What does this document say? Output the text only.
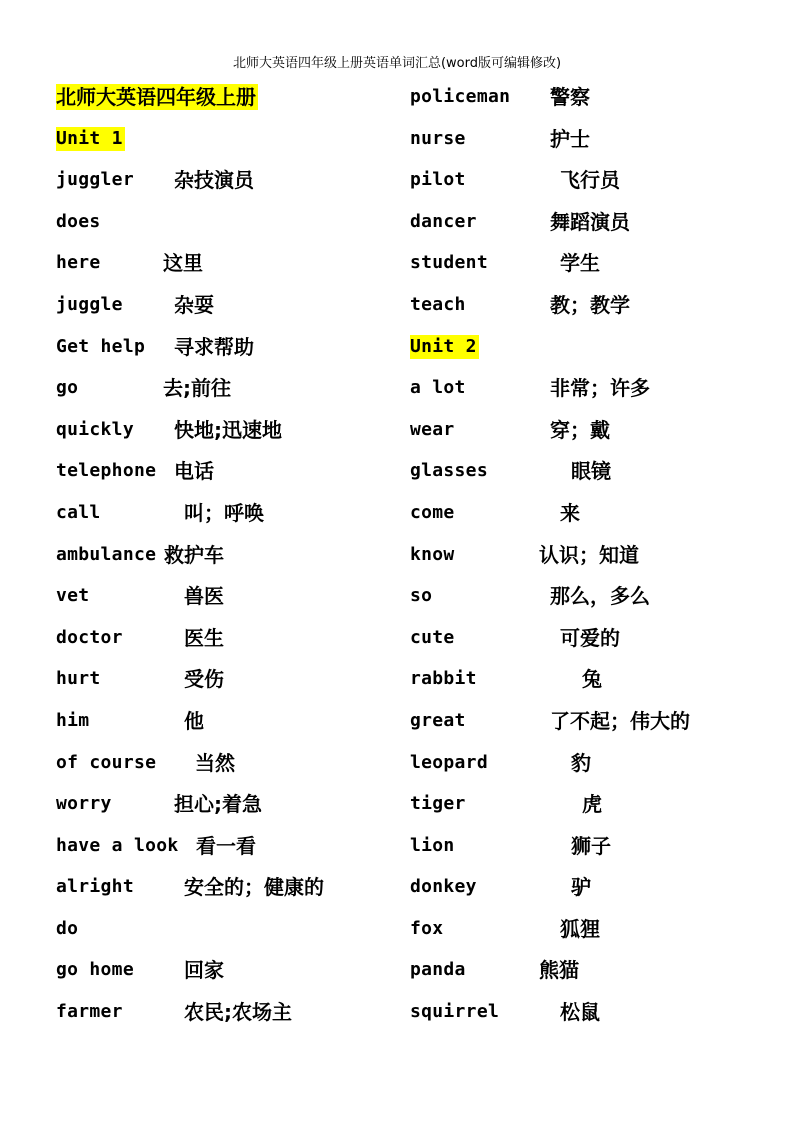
北师大英语四年级上册英语单词汇总(word版可编辑修改)
北师大英语四年级上册
Unit 1
juggler 杂技演员
does
here	这里
juggle	杂耍
Get help 寻求帮助
go	去;前往
quickly 快地;迅速地
telephone 电话
call	叫；呼唤
ambulance 救护车
vet	兽医
doctor	医生
hurt	受伤
him	他
of course 当然
worry	担心;着急
have a look 看一看
alright	安全的；健康的
do
go home	回家
farmer	农民;农场主
policeman 警察
nurse	护士
pilot	飞行员
dancer	舞蹈演员
student	学生
teach	教；教学
Unit 2
a lot	非常；许多
wear	穿；戴
glasses	眼镜
come	来
know	认识；知道
so	那么，多么
cute	可爱的
rabbit	兔
great	了不起；伟大的
leopard	豹
tiger	虎
lion	狮子
donkey	驴
fox	狐狸
panda	熊猫
squirrel	松鼠
